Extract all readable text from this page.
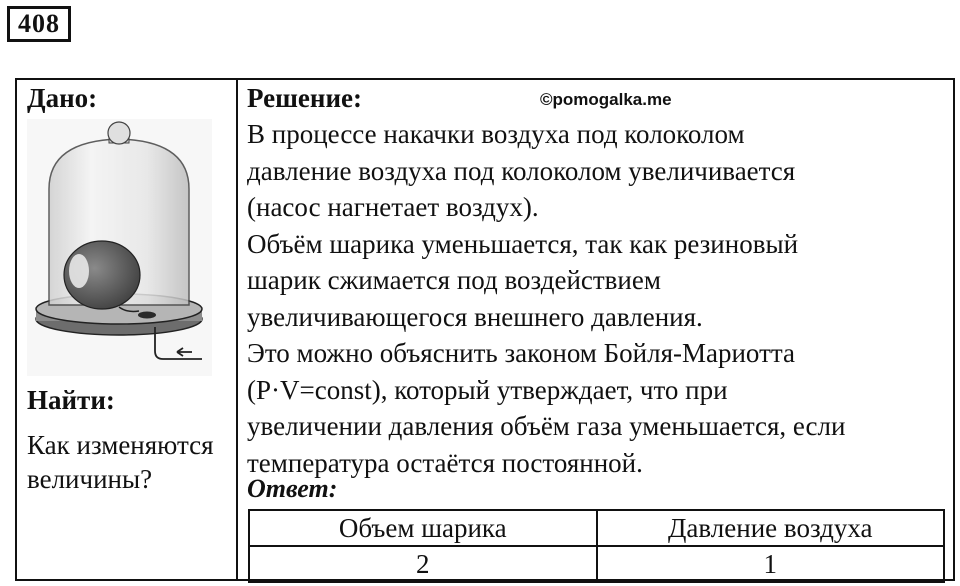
408
Дано:
Найти:
Как изменяются величины?
Решение:	©pomogalka.me
В процессе накачки воздуха под колоколом
давление воздуха под колоколом увеличивается
(насос нагнетает воздух).
Объём шарика уменьшается, так как резиновый
шарик сжимается под воздействием
увеличивающегося внешнего давления.
Это можно объяснить законом Бойля-Мариотта
(P·V=const), который утверждает, что при
увеличении давления объём газа уменьшается, если
температура остаётся постоянной.
Ответ:
Объем шарика	Давление воздуха
2	1
